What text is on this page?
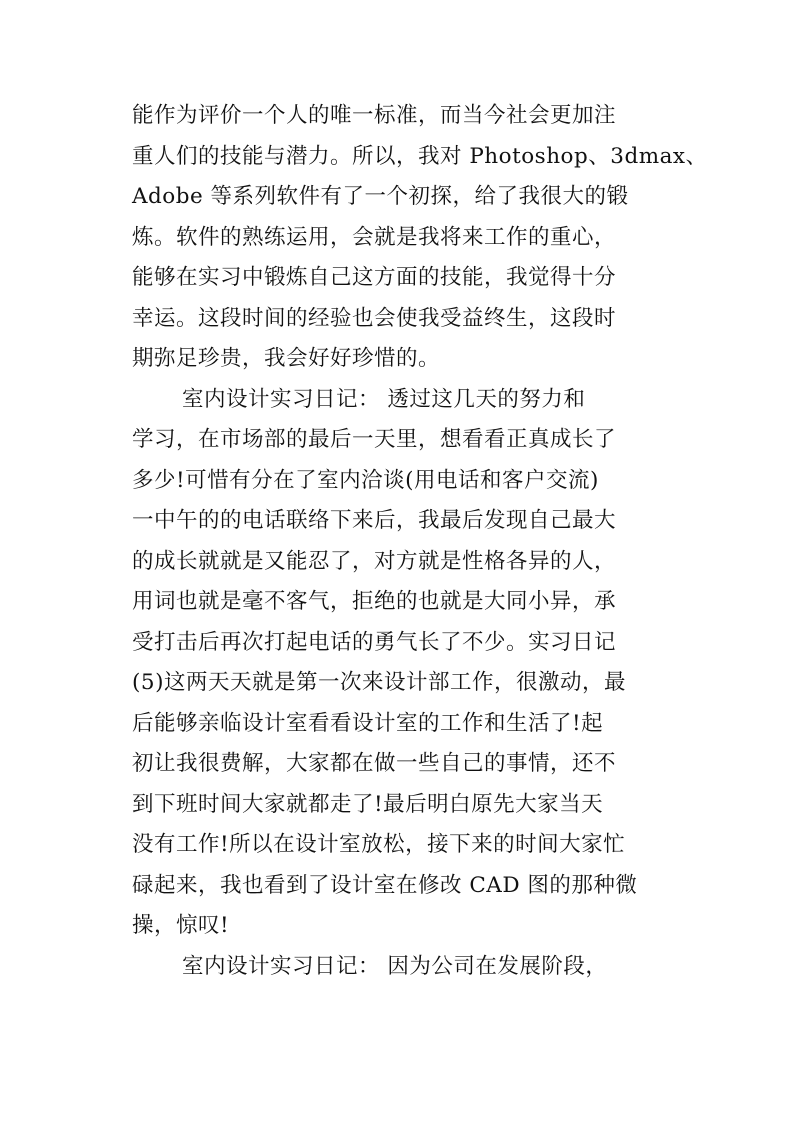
能作为评价一个人的唯一标准，而当今社会更加注
重人们的技能与潜力。所以，我对 Photoshop、3dmax、
Adobe 等系列软件有了一个初探，给了我很大的锻
炼。软件的熟练运用，会就是我将来工作的重心，
能够在实习中锻炼自己这方面的技能，我觉得十分
幸运。这段时间的经验也会使我受益终生，这段时
期弥足珍贵，我会好好珍惜的。
室内设计实习日记： 透过这几天的努力和
学习，在市场部的最后一天里，想看看正真成长了
多少!可惜有分在了室内洽谈(用电话和客户交流)
一中午的的电话联络下来后，我最后发现自己最大
的成长就就是又能忍了，对方就是性格各异的人，
用词也就是毫不客气，拒绝的也就是大同小异，承
受打击后再次打起电话的勇气长了不少。实习日记
(5)这两天天就是第一次来设计部工作，很激动，最
后能够亲临设计室看看设计室的工作和生活了!起
初让我很费解，大家都在做一些自己的事情，还不
到下班时间大家就都走了!最后明白原先大家当天
没有工作!所以在设计室放松，接下来的时间大家忙
碌起来，我也看到了设计室在修改 CAD 图的那种微
操，惊叹!
室内设计实习日记： 因为公司在发展阶段，
